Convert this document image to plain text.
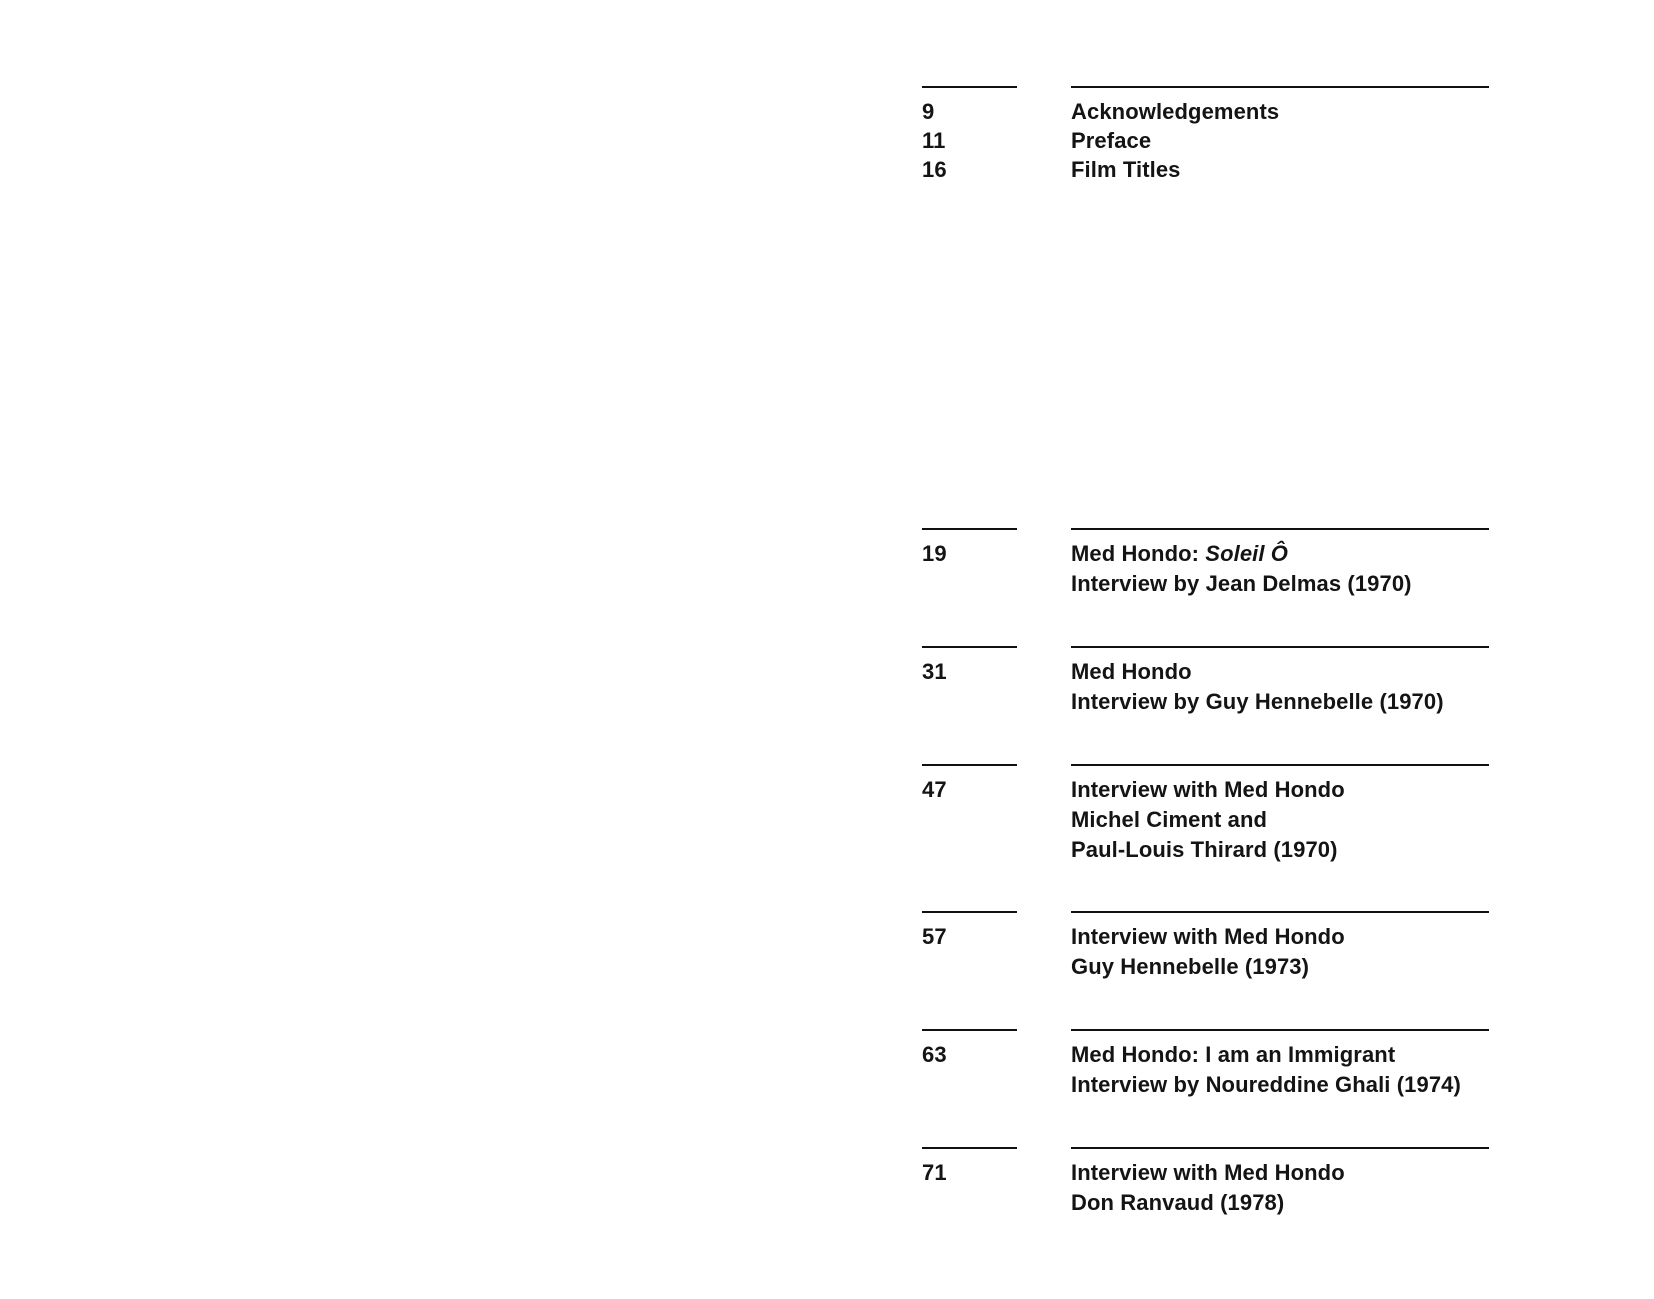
9	Acknowledgements
11	Preface
16	Film Titles
19	Med Hondo: Soleil Ô
Interview by Jean Delmas (1970)
31	Med Hondo
Interview by Guy Hennebelle (1970)
47	Interview with Med Hondo
Michel Ciment and
Paul-Louis Thirard (1970)
57	Interview with Med Hondo
Guy Hennebelle (1973)
63	Med Hondo: I am an Immigrant
Interview by Noureddine Ghali (1974)
71	Interview with Med Hondo
Don Ranvaud (1978)
